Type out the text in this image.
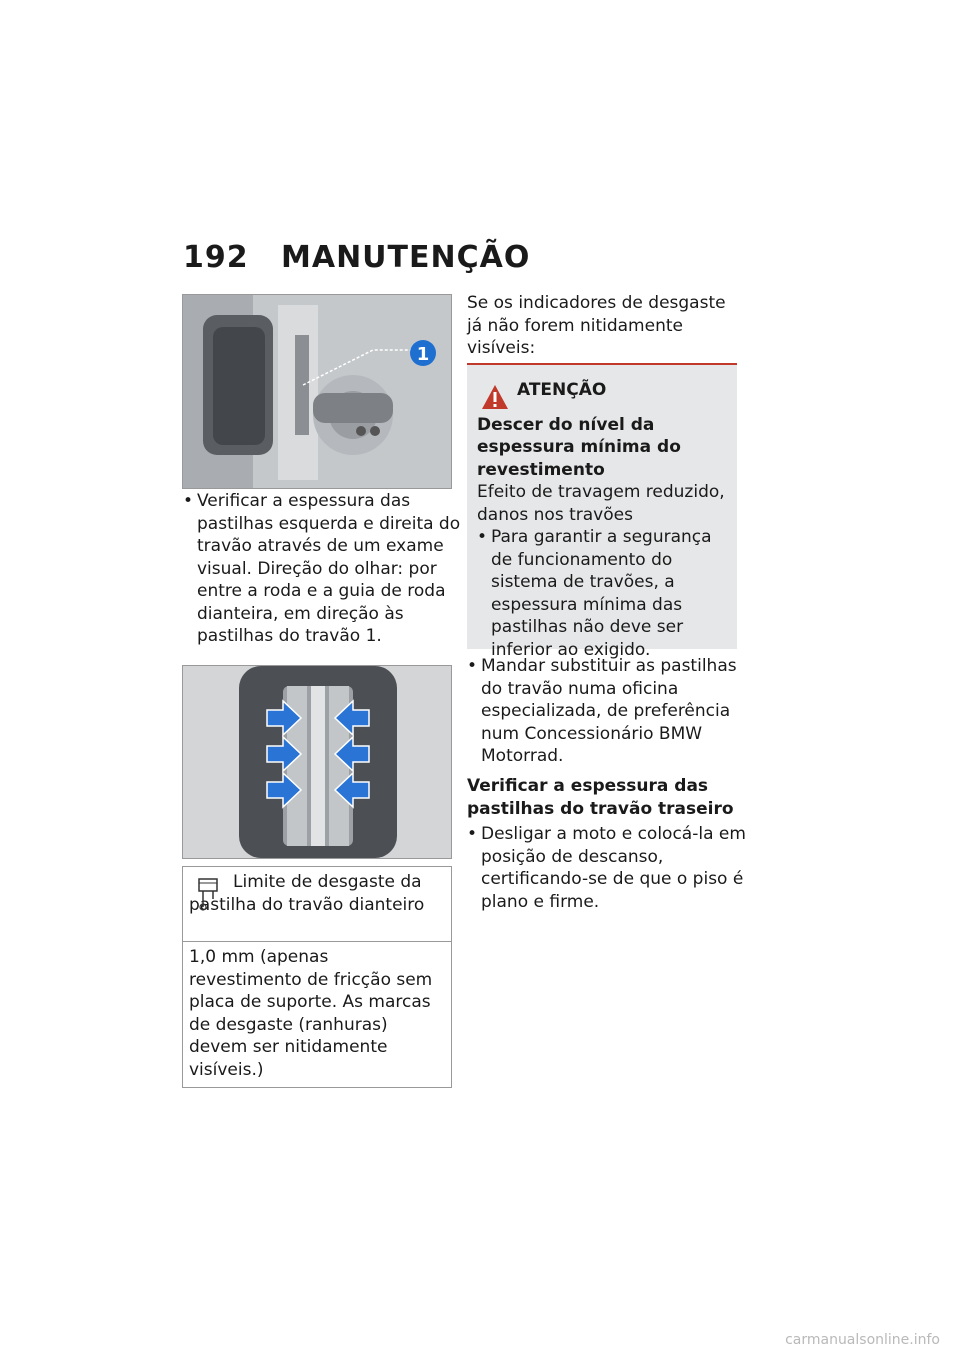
192 MANUTENÇÃO
1
• Verificar a espessura das pastilhas esquerda e direita do travão através de um exame visual. Direção do olhar: por entre a roda e a guia de roda dianteira, em direção às pastilhas do travão 1.
Limite de desgaste da pastilha do travão dianteiro
1,0 mm (apenas revestimento de fricção sem placa de suporte. As marcas de desgaste (ranhuras) devem ser nitidamente visíveis.)
Se os indicadores de desgaste já não forem nitidamente visíveis:
ATENÇÃO
Descer do nível da espessura mínima do revestimento
Efeito de travagem reduzido, danos nos travões
• Para garantir a segurança de funcionamento do sistema de travões, a espessura mínima das pastilhas não deve ser inferior ao exigido.
• Mandar substituir as pastilhas do travão numa oficina especializada, de preferência num Concessionário BMW Motorrad.
Verificar a espessura das pastilhas do travão traseiro
• Desligar a moto e colocá-la em posição de descanso, certificando-se de que o piso é plano e firme.
carmanualsonline.info
